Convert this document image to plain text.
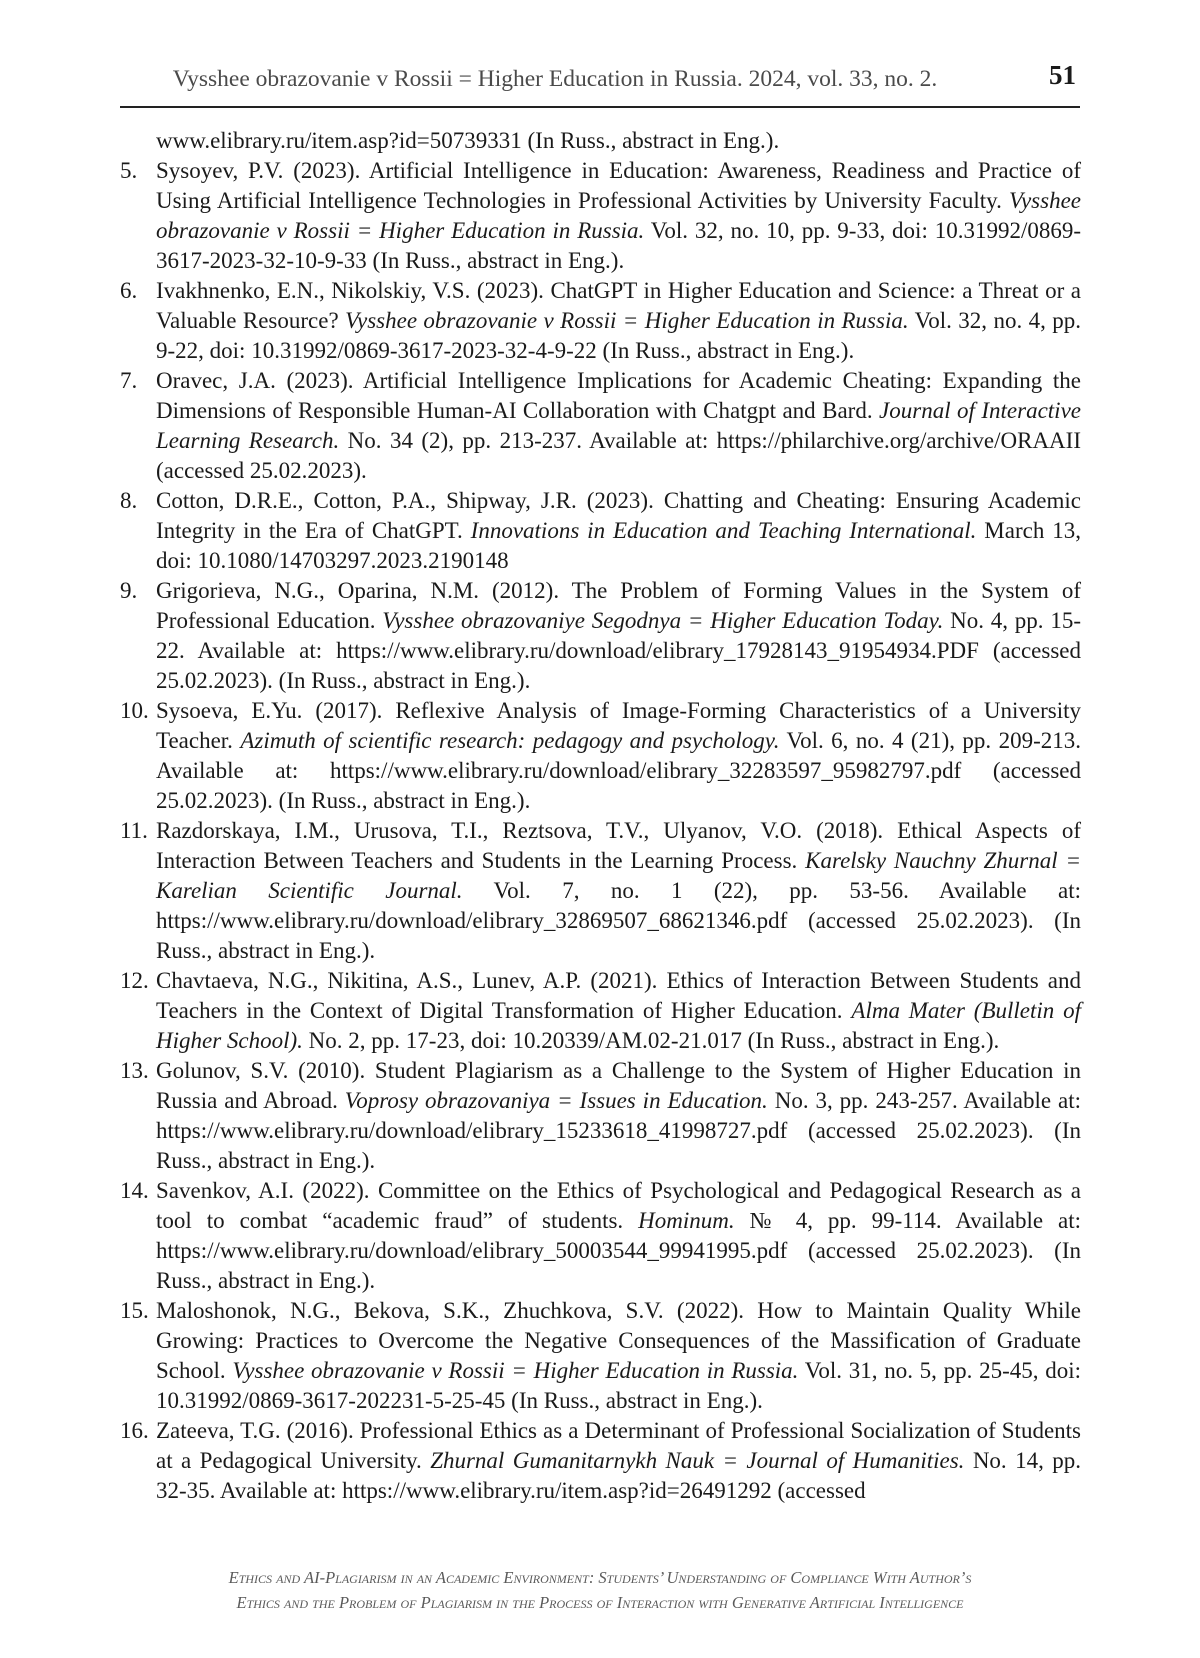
Vysshee obrazovanie v Rossii = Higher Education in Russia. 2024, vol. 33, no. 2.	51
www.elibrary.ru/item.asp?id=50739331 (In Russ., abstract in Eng.).
5. Sysoyev, P.V. (2023). Artificial Intelligence in Education: Awareness, Readiness and Practice of Using Artificial Intelligence Technologies in Professional Activities by University Faculty. Vysshee obrazovanie v Rossii = Higher Education in Russia. Vol. 32, no. 10, pp. 9-33, doi: 10.31992/0869-3617-2023-32-10-9-33 (In Russ., abstract in Eng.).
6. Ivakhnenko, E.N., Nikolskiy, V.S. (2023). ChatGPT in Higher Education and Science: a Threat or a Valuable Resource? Vysshee obrazovanie v Rossii = Higher Education in Russia. Vol. 32, no. 4, pp. 9-22, doi: 10.31992/0869-3617-2023-32-4-9-22 (In Russ., abstract in Eng.).
7. Oravec, J.A. (2023). Artificial Intelligence Implications for Academic Cheating: Expanding the Dimensions of Responsible Human-AI Collaboration with Chatgpt and Bard. Journal of Interactive Learning Research. No. 34 (2), pp. 213-237. Available at: https://philarchive.org/archive/ORAAII (accessed 25.02.2023).
8. Cotton, D.R.E., Cotton, P.A., Shipway, J.R. (2023). Chatting and Cheating: Ensuring Academic Integrity in the Era of ChatGPT. Innovations in Education and Teaching International. March 13, doi: 10.1080/14703297.2023.2190148
9. Grigorieva, N.G., Oparina, N.M. (2012). The Problem of Forming Values in the System of Professional Education. Vysshee obrazovaniye Segodnya = Higher Education Today. No. 4, pp. 15-22. Available at: https://www.elibrary.ru/download/elibrary_17928143_91954934.PDF (accessed 25.02.2023). (In Russ., abstract in Eng.).
10. Sysoeva, E.Yu. (2017). Reflexive Analysis of Image-Forming Characteristics of a University Teacher. Azimuth of scientific research: pedagogy and psychology. Vol. 6, no. 4 (21), pp. 209-213. Available at: https://www.elibrary.ru/download/elibrary_32283597_95982797.pdf (accessed 25.02.2023). (In Russ., abstract in Eng.).
11. Razdorskaya, I.M., Urusova, T.I., Reztsova, T.V., Ulyanov, V.O. (2018). Ethical Aspects of Interaction Between Teachers and Students in the Learning Process. Karelsky Nauchny Zhurnal = Karelian Scientific Journal. Vol. 7, no. 1 (22), pp. 53-56. Available at: https://www.elibrary.ru/download/elibrary_32869507_68621346.pdf (accessed 25.02.2023). (In Russ., abstract in Eng.).
12. Chavtaeva, N.G., Nikitina, A.S., Lunev, A.P. (2021). Ethics of Interaction Between Students and Teachers in the Context of Digital Transformation of Higher Education. Alma Mater (Bulletin of Higher School). No. 2, pp. 17-23, doi: 10.20339/AM.02-21.017 (In Russ., abstract in Eng.).
13. Golunov, S.V. (2010). Student Plagiarism as a Challenge to the System of Higher Education in Russia and Abroad. Voprosy obrazovaniya = Issues in Education. No. 3, pp. 243-257. Available at: https://www.elibrary.ru/download/elibrary_15233618_41998727.pdf (accessed 25.02.2023). (In Russ., abstract in Eng.).
14. Savenkov, A.I. (2022). Committee on the Ethics of Psychological and Pedagogical Research as a tool to combat “academic fraud” of students. Hominum. № 4, pp. 99-114. Available at: https://www.elibrary.ru/download/elibrary_50003544_99941995.pdf (accessed 25.02.2023). (In Russ., abstract in Eng.).
15. Maloshonok, N.G., Bekova, S.K., Zhuchkova, S.V. (2022). How to Maintain Quality While Growing: Practices to Overcome the Negative Consequences of the Massification of Graduate School. Vysshee obrazovanie v Rossii = Higher Education in Russia. Vol. 31, no. 5, pp. 25-45, doi: 10.31992/0869-3617-202231-5-25-45 (In Russ., abstract in Eng.).
16. Zateeva, T.G. (2016). Professional Ethics as a Determinant of Professional Socialization of Students at a Pedagogical University. Zhurnal Gumanitarnykh Nauk = Journal of Humanities. No. 14, pp. 32-35. Available at: https://www.elibrary.ru/item.asp?id=26491292 (accessed
Ethics and AI-Plagiarism in an Academic Environment: Students’ Understanding of Compliance With Author’s
Ethics and the Problem of Plagiarism in the Process of Interaction with Generative Artificial Intelligence
